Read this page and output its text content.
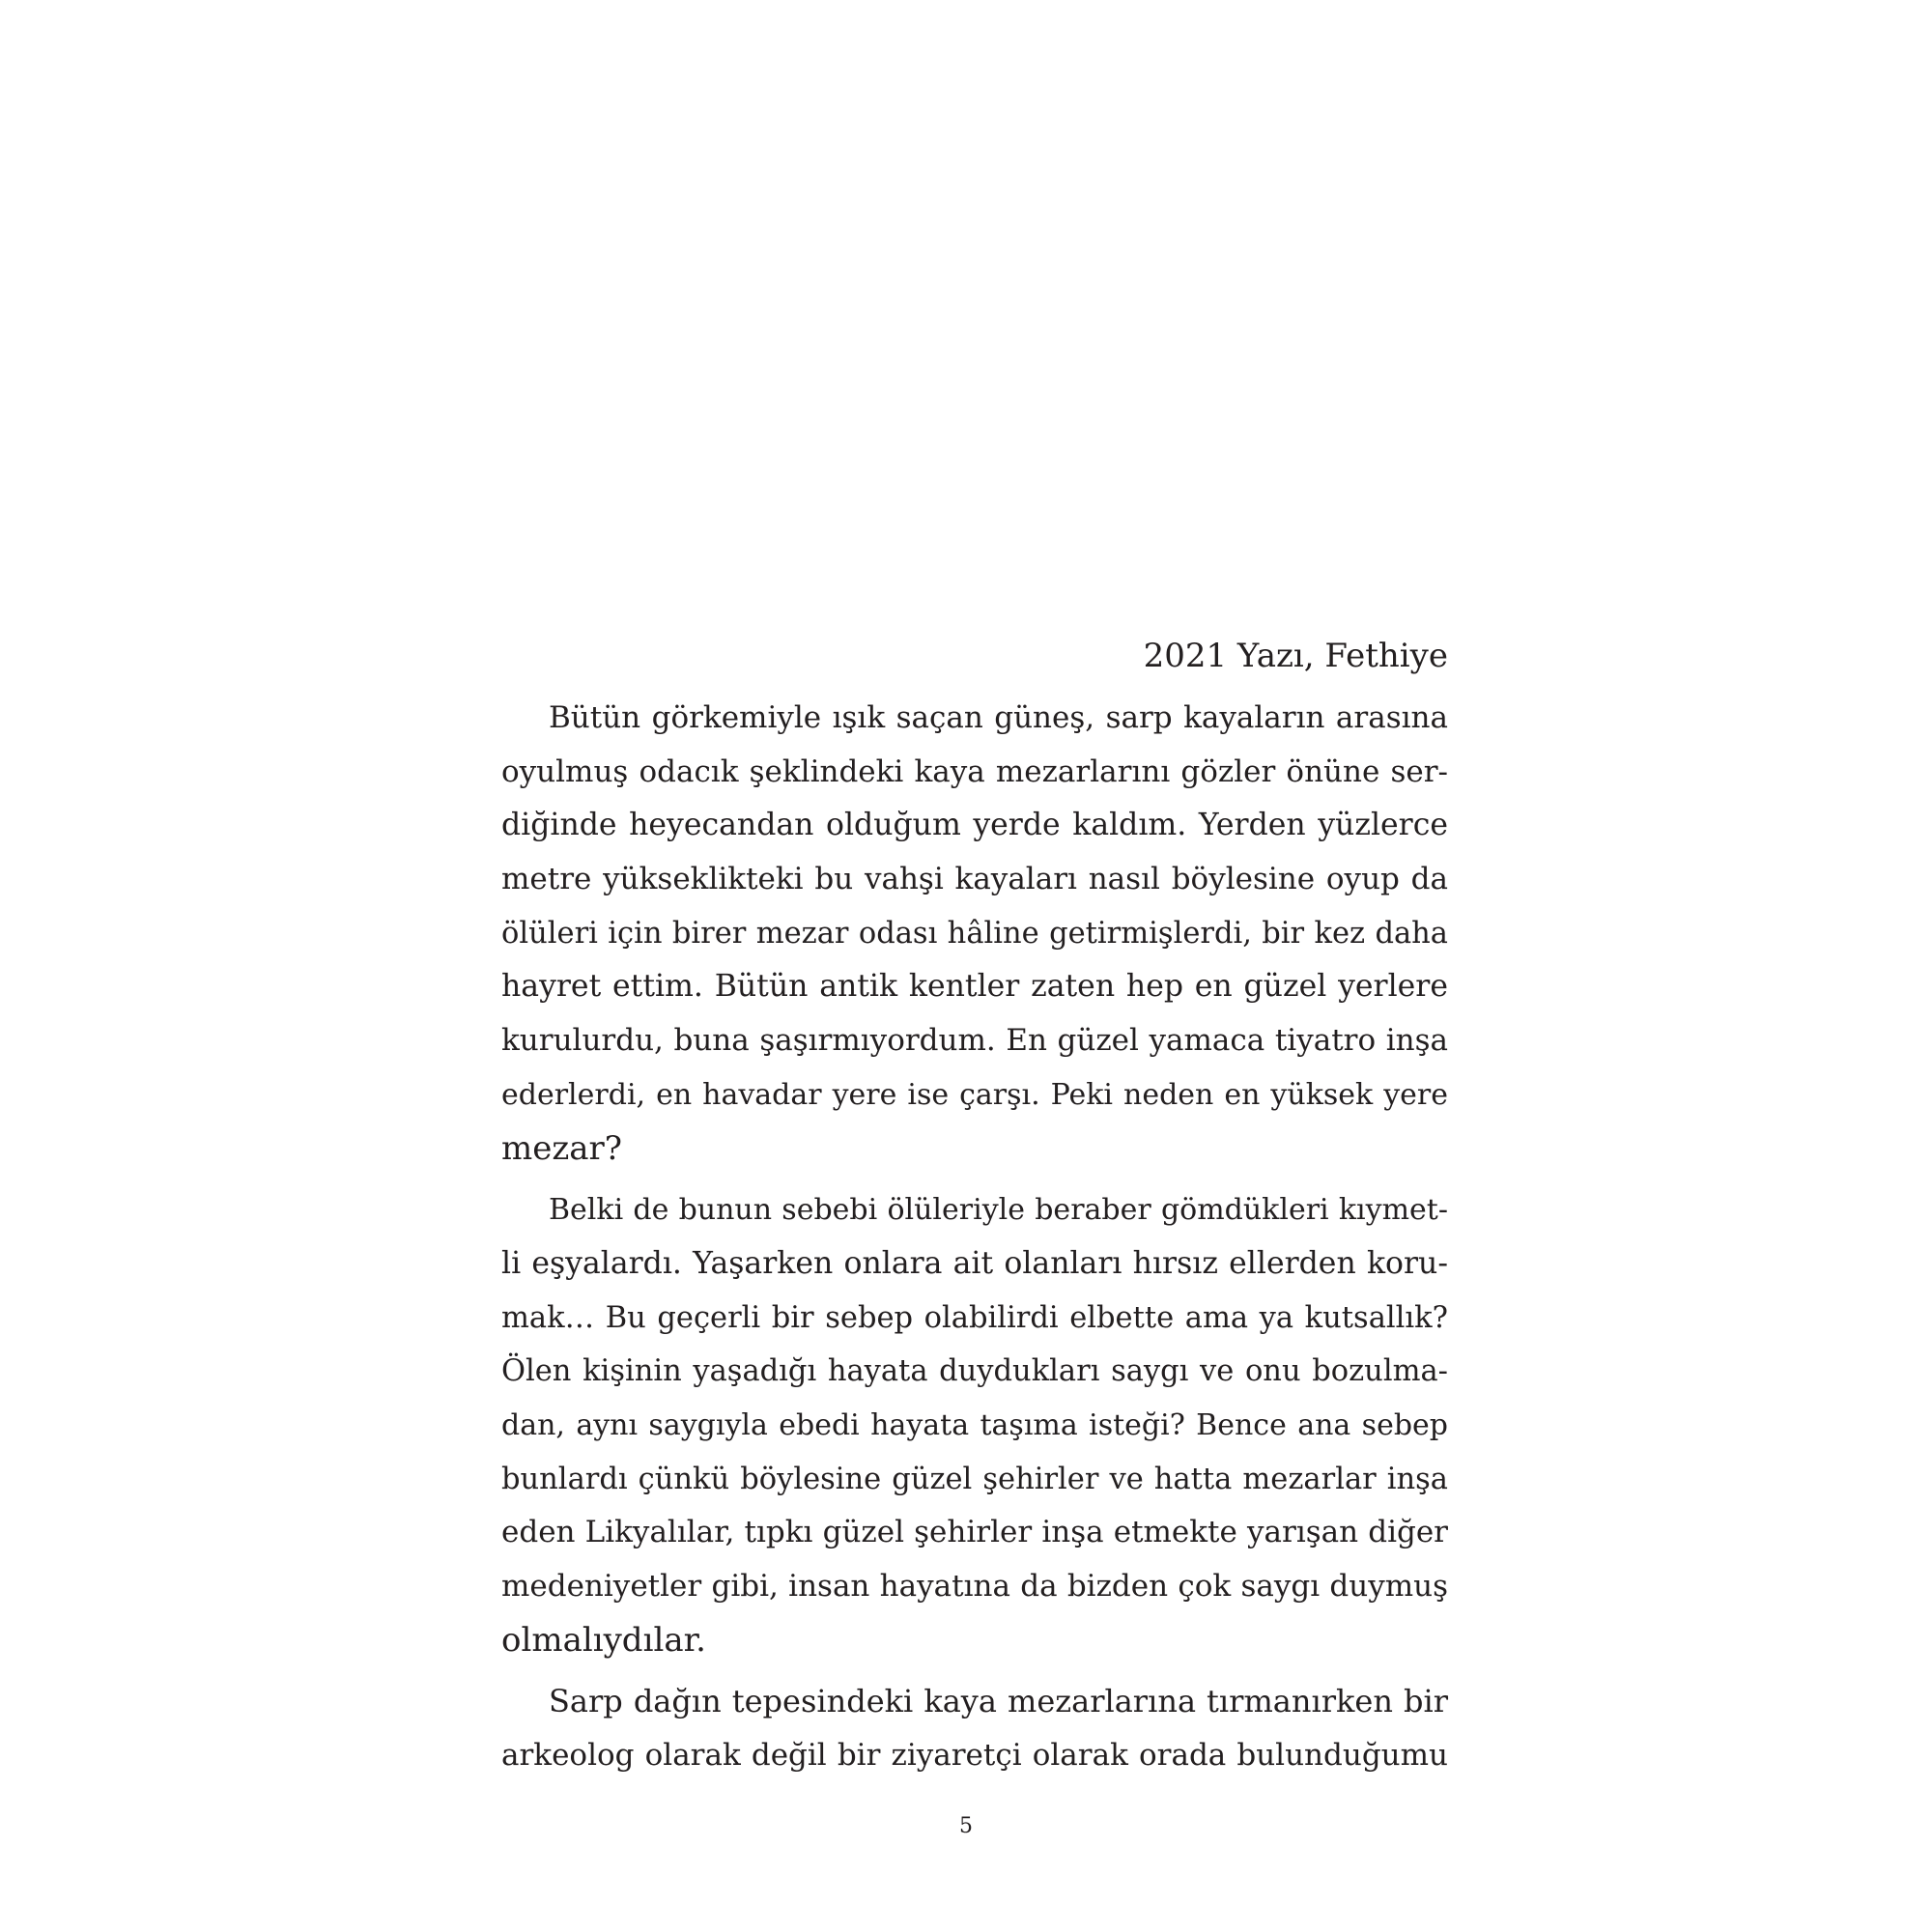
2021 Yazı, Fethiye
Bütün görkemiyle ışık saçan güneş, sarp kayaların arasına
oyulmuş odacık şeklindeki kaya mezarlarını gözler önüne ser-
diğinde heyecandan olduğum yerde kaldım. Yerden yüzlerce
metre yükseklikteki bu vahşi kayaları nasıl böylesine oyup da
ölüleri için birer mezar odası hâline getirmişlerdi, bir kez daha
hayret ettim. Bütün antik kentler zaten hep en güzel yerlere
kurulurdu, buna şaşırmıyordum. En güzel yamaca tiyatro inşa
ederlerdi, en havadar yere ise çarşı. Peki neden en yüksek yere
mezar?
Belki de bunun sebebi ölüleriyle beraber gömdükleri kıymet-
li eşyalardı. Yaşarken onlara ait olanları hırsız ellerden koru-
mak… Bu geçerli bir sebep olabilirdi elbette ama ya kutsallık?
Ölen kişinin yaşadığı hayata duydukları saygı ve onu bozulma-
dan, aynı saygıyla ebedi hayata taşıma isteği? Bence ana sebep
bunlardı çünkü böylesine güzel şehirler ve hatta mezarlar inşa
eden Likyalılar, tıpkı güzel şehirler inşa etmekte yarışan diğer
medeniyetler gibi, insan hayatına da bizden çok saygı duymuş
olmalıydılar.
Sarp dağın tepesindeki kaya mezarlarına tırmanırken bir
arkeolog olarak değil bir ziyaretçi olarak orada bulunduğumu
5
